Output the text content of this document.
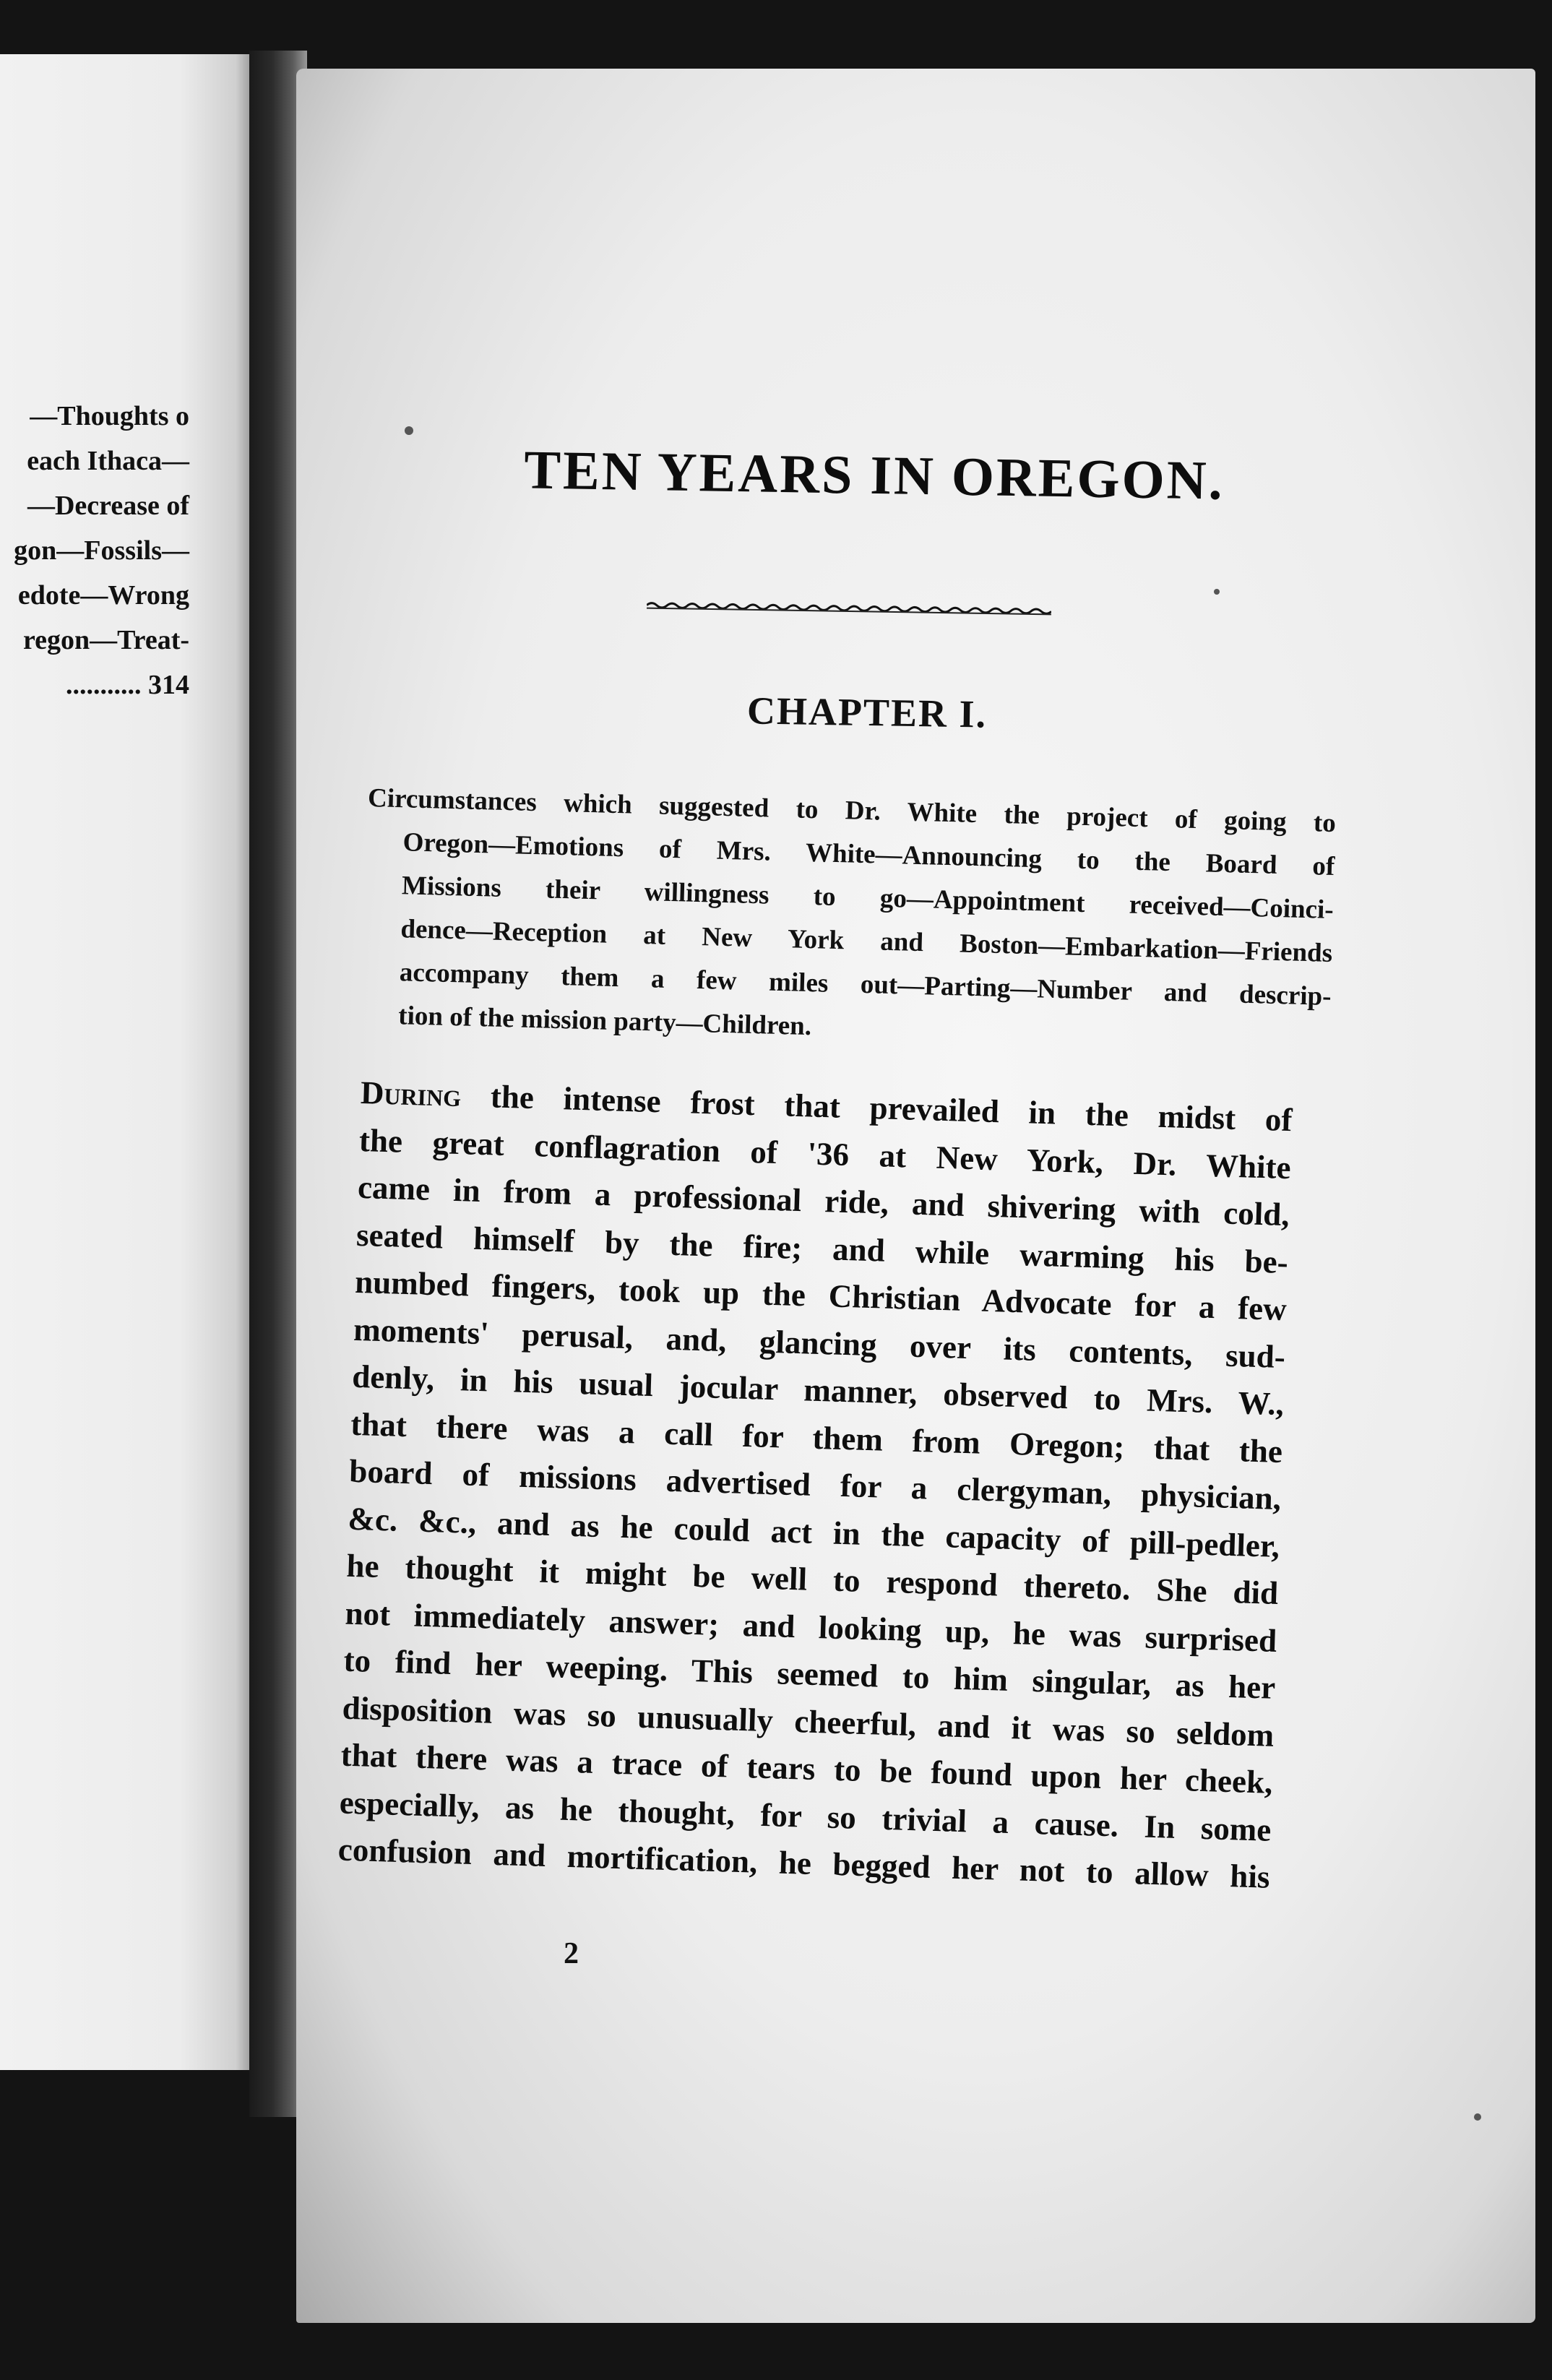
—Thoughts o
each Ithaca—
—Decrease of
gon—Fossils—
edote—Wrong
regon—Treat-
........... 314
TEN YEARS IN OREGON.
CHAPTER I.
Circumstances which suggested to Dr. White the project of going to
Oregon—Emotions of Mrs. White—Announcing to the Board of
Missions their willingness to go—Appointment received—Coinci-
dence—Reception at New York and Boston—Embarkation—Friends
accompany them a few miles out—Parting—Number and descrip-
tion of the mission party—Children.
During the intense frost that prevailed in the midst of
the great conflagration of '36 at New York, Dr. White
came in from a professional ride, and shivering with cold,
seated himself by the fire; and while warming his be-
numbed fingers, took up the Christian Advocate for a few
moments' perusal, and, glancing over its contents, sud-
denly, in his usual jocular manner, observed to Mrs. W.,
that there was a call for them from Oregon; that the
board of missions advertised for a clergyman, physician,
&c. &c., and as he could act in the capacity of pill-pedler,
he thought it might be well to respond thereto. She did
not immediately answer; and looking up, he was surprised
to find her weeping. This seemed to him singular, as her
disposition was so unusually cheerful, and it was so seldom
that there was a trace of tears to be found upon her cheek,
especially, as he thought, for so trivial a cause. In some
confusion and mortification, he begged her not to allow his
2
